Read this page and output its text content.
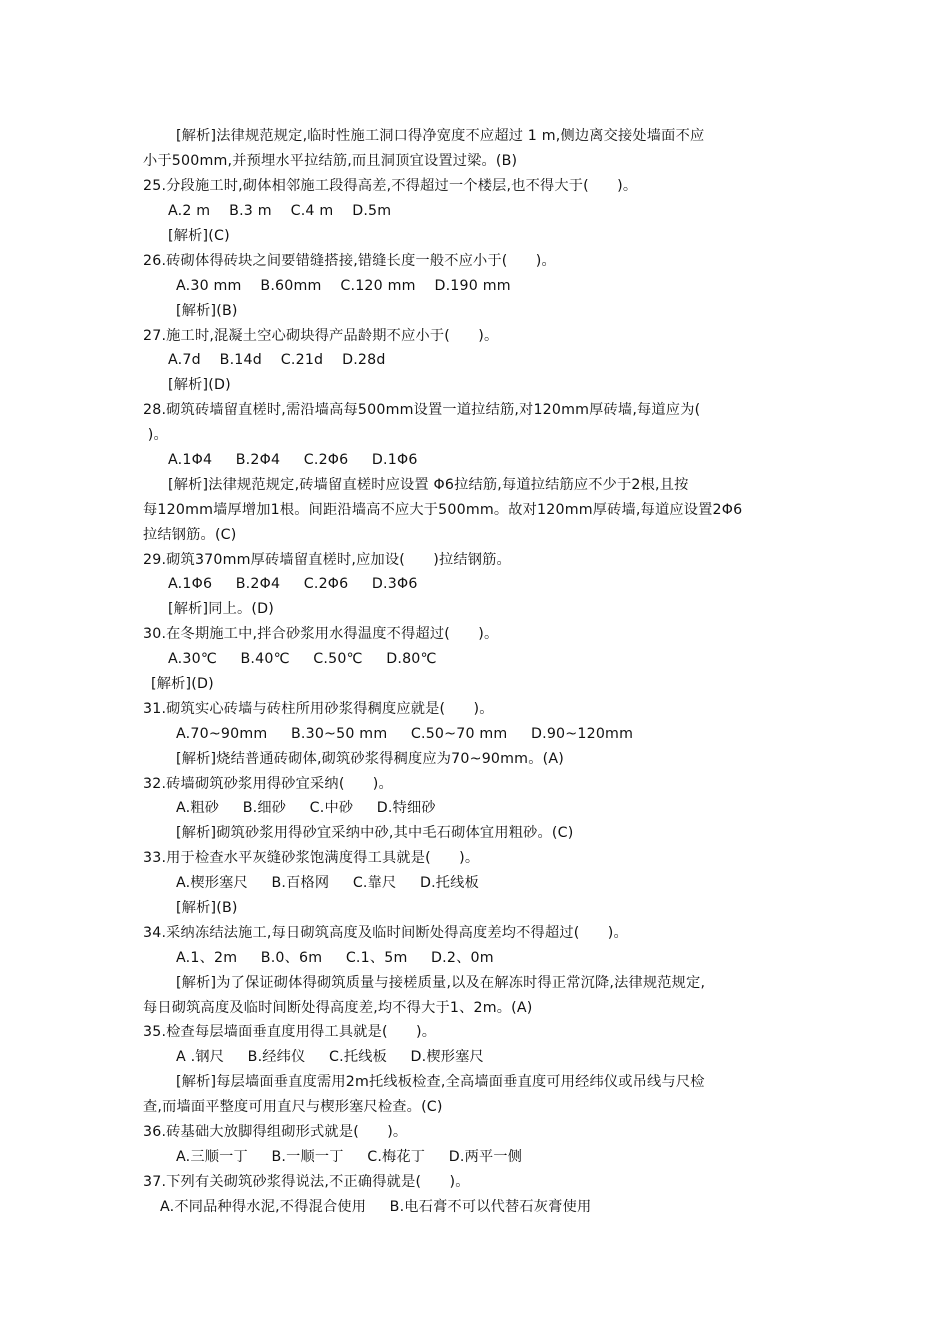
[解析]法律规范规定,临时性施工洞口得净宽度不应超过 1 m,侧边离交接处墙面不应
小于500mm,并预埋水平拉结筋,而且洞顶宜设置过梁。(B)
25.分段施工时,砌体相邻施工段得高差,不得超过一个楼层,也不得大于(      )。
A.2 m    B.3 m    C.4 m    D.5m
[解析](C)
26.砖砌体得砖块之间要错缝搭接,错缝长度一般不应小于(      )。
A.30 mm    B.60mm    C.120 mm    D.190 mm
[解析](B)
27.施工时,混凝土空心砌块得产品龄期不应小于(      )。
A.7d    B.14d    C.21d    D.28d
[解析](D)
28.砌筑砖墙留直槎时,需沿墙高每500mm设置一道拉结筋,对120mm厚砖墙,每道应为(
)。
A.1Φ4     B.2Φ4     C.2Φ6     D.1Φ6
[解析]法律规范规定,砖墙留直槎时应设置 Φ6拉结筋,每道拉结筋应不少于2根,且按
每120mm墙厚增加1根。间距沿墙高不应大于500mm。故对120mm厚砖墙,每道应设置2Φ6
拉结钢筋。(C)
29.砌筑370mm厚砖墙留直槎时,应加设(      )拉结钢筋。
A.1Φ6     B.2Φ4     C.2Φ6     D.3Φ6
[解析]同上。(D)
30.在冬期施工中,拌合砂浆用水得温度不得超过(      )。
A.30℃     B.40℃     C.50℃     D.80℃
[解析](D)
31.砌筑实心砖墙与砖柱所用砂浆得稠度应就是(      )。
A.70~90mm     B.30~50 mm     C.50~70 mm     D.90~120mm
[解析]烧结普通砖砌体,砌筑砂浆得稠度应为70~90mm。(A)
32.砖墙砌筑砂浆用得砂宜采纳(      )。
A.粗砂     B.细砂     C.中砂     D.特细砂
[解析]砌筑砂浆用得砂宜采纳中砂,其中毛石砌体宜用粗砂。(C)
33.用于检查水平灰缝砂浆饱满度得工具就是(      )。
A.楔形塞尺     B.百格网     C.靠尺     D.托线板
[解析](B)
34.采纳冻结法施工,每日砌筑高度及临时间断处得高度差均不得超过(      )。
A.1、2m     B.0、6m     C.1、5m     D.2、0m
[解析]为了保证砌体得砌筑质量与接槎质量,以及在解冻时得正常沉降,法律规范规定,
每日砌筑高度及临时间断处得高度差,均不得大于1、2m。(A)
35.检查每层墙面垂直度用得工具就是(      )。
A .钢尺     B.经纬仪     C.托线板     D.楔形塞尺
[解析]每层墙面垂直度需用2m托线板检查,全高墙面垂直度可用经纬仪或吊线与尺检
查,而墙面平整度可用直尺与楔形塞尺检查。(C)
36.砖基础大放脚得组砌形式就是(      )。
A.三顺一丁     B.一顺一丁     C.梅花丁     D.两平一侧
37.下列有关砌筑砂浆得说法,不正确得就是(      )。
A.不同品种得水泥,不得混合使用     B.电石膏不可以代替石灰膏使用
